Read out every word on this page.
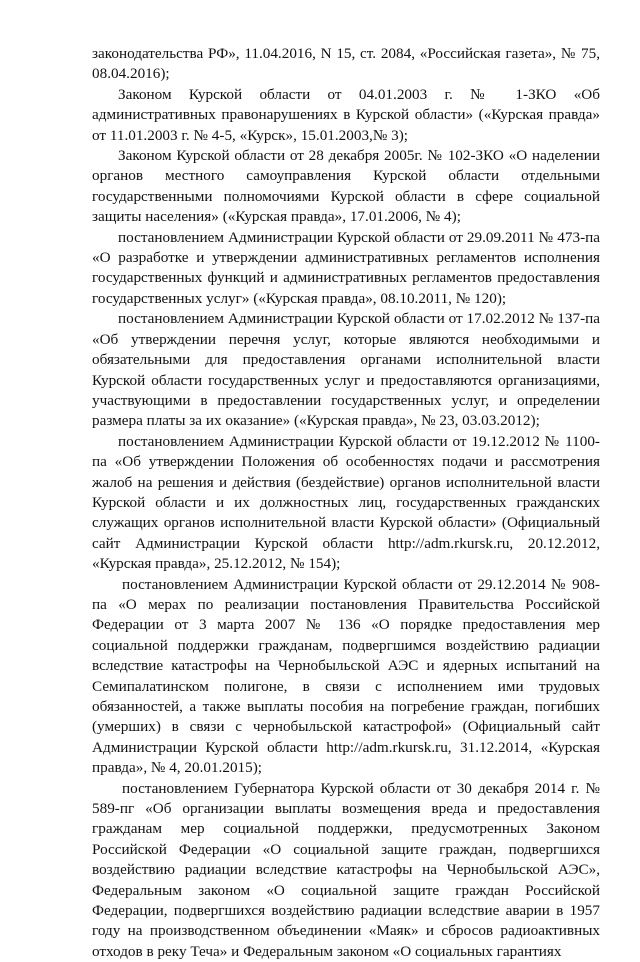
законодательства РФ», 11.04.2016, N 15, ст. 2084, «Российская газета», № 75, 08.04.2016);

Законом Курской области от 04.01.2003 г. № 1-ЗКО «Об административных правонарушениях в Курской области» («Курская правда» от 11.01.2003 г. № 4-5, «Курск», 15.01.2003,№ 3);

Законом Курской области от 28 декабря 2005г. № 102-ЗКО «О наделении органов местного самоуправления Курской области отдельными государственными полномочиями Курской области в сфере социальной защиты населения» («Курская правда», 17.01.2006, № 4);

постановлением Администрации Курской области от 29.09.2011 № 473-па «О разработке и утверждении административных регламентов исполнения государственных функций и административных регламентов предоставления государственных услуг» («Курская правда», 08.10.2011, № 120);

постановлением Администрации Курской области от 17.02.2012 № 137-па «Об утверждении перечня услуг, которые являются необходимыми и обязательными для предоставления органами исполнительной власти Курской области государственных услуг и предоставляются организациями, участвующими в предоставлении государственных услуг, и определении размера платы за их оказание» («Курская правда», № 23, 03.03.2012);

постановлением Администрации Курской области от 19.12.2012 № 1100-па «Об утверждении Положения об особенностях подачи и рассмотрения жалоб на решения и действия (бездействие) органов исполнительной власти Курской области и их должностных лиц, государственных гражданских служащих органов исполнительной власти Курской области» (Официальный сайт Администрации Курской области http://adm.rkursk.ru, 20.12.2012, «Курская правда», 25.12.2012, № 154);

постановлением Администрации Курской области от 29.12.2014 № 908-па «О мерах по реализации постановления Правительства Российской Федерации от 3 марта 2007 № 136 «О порядке предоставления мер социальной поддержки гражданам, подвергшимся воздействию радиации вследствие катастрофы на Чернобыльской АЭС и ядерных испытаний на Семипалатинском полигоне, в связи с исполнением ими трудовых обязанностей, а также выплаты пособия на погребение граждан, погибших (умерших) в связи с чернобыльской катастрофой» (Официальный сайт Администрации Курской области http://adm.rkursk.ru, 31.12.2014, «Курская правда», № 4, 20.01.2015);

постановлением Губернатора Курской области от 30 декабря 2014 г. № 589-пг «Об организации выплаты возмещения вреда и предоставления гражданам мер социальной поддержки, предусмотренных Законом Российской Федерации «О социальной защите граждан, подвергшихся воздействию радиации вследствие катастрофы на Чернобыльской АЭС», Федеральным законом «О социальной защите граждан Российской Федерации, подвергшихся воздействию радиации вследствие аварии в 1957 году на производственном объединении «Маяк» и сбросов радиоактивных отходов в реку Теча» и Федеральным законом «О социальных гарантиях
